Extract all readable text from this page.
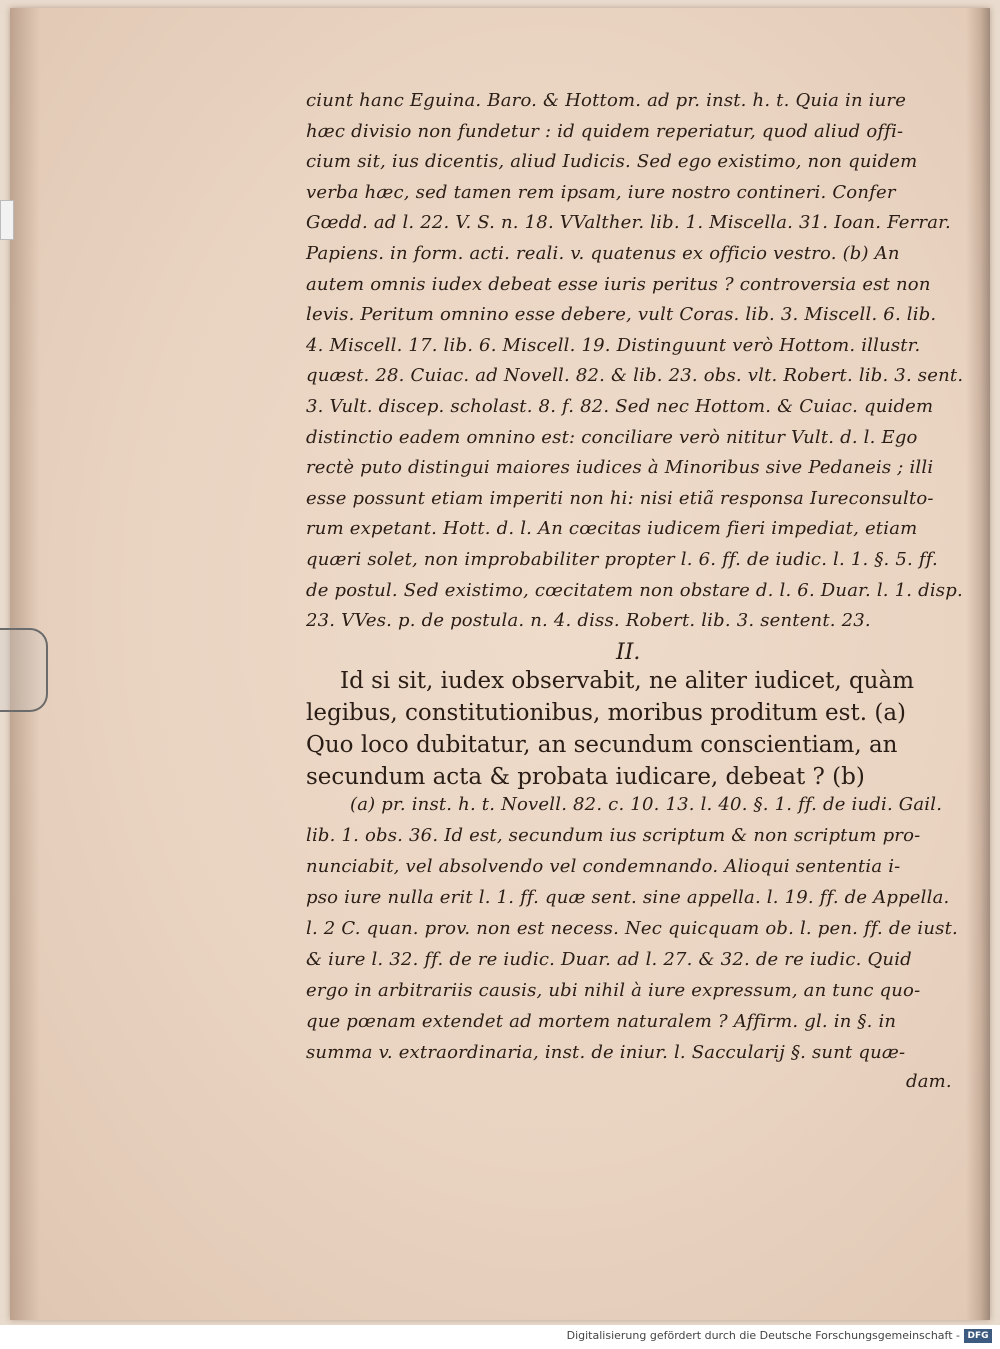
ciunt hanc Eguina. Baro. & Hottom. ad pr. inst. h. t. Quia in iure
hæc divisio non fundetur : id quidem reperiatur, quod aliud offi-
cium sit, ius dicentis, aliud Iudicis. Sed ego existimo, non quidem
verba hæc, sed tamen rem ipsam, iure nostro contineri. Confer
Gœdd. ad l. 22. V. S. n. 18. VValther. lib. 1. Miscella. 31. Ioan. Ferrar.
Papiens. in form. acti. reali. v. quatenus ex officio vestro. (b) An
autem omnis iudex debeat esse iuris peritus ? controversia est non
levis. Peritum omnino esse debere, vult Coras. lib. 3. Miscell. 6. lib.
4. Miscell. 17. lib. 6. Miscell. 19. Distinguunt verò Hottom. illustr.
quæst. 28. Cuiac. ad Novell. 82. & lib. 23. obs. vlt. Robert. lib. 3. sent.
3. Vult. discep. scholast. 8. f. 82. Sed nec Hottom. & Cuiac. quidem
distinctio eadem omnino est: conciliare verò nititur Vult. d. l. Ego
rectè puto distingui maiores iudices à Minoribus sive Pedaneis ; illi
esse possunt etiam imperiti non hi: nisi etiã responsa Iureconsulto-
rum expetant. Hott. d. l. An cœcitas iudicem fieri impediat, etiam
quæri solet, non improbabiliter propter l. 6. ff. de iudic. l. 1. §. 5. ff.
de postul. Sed existimo, cœcitatem non obstare d. l. 6. Duar. l. 1. disp.
23. VVes. p. de postula. n. 4. diss. Robert. lib. 3. sentent. 23.
II.
Id si sit, iudex observabit, ne aliter iudicet, quàm
legibus, constitutionibus, moribus proditum est. (a)
Quo loco dubitatur, an secundum conscientiam, an
secundum acta & probata iudicare, debeat ? (b)
(a) pr. inst. h. t. Novell. 82. c. 10. 13. l. 40. §. 1. ff. de iudi. Gail.
lib. 1. obs. 36. Id est, secundum ius scriptum & non scriptum pro-
nunciabit, vel absolvendo vel condemnando. Alioqui sententia i-
pso iure nulla erit l. 1. ff. quæ sent. sine appella. l. 19. ff. de Appella.
l. 2 C. quan. prov. non est necess. Nec quicquam ob. l. pen. ff. de iust.
& iure l. 32. ff. de re iudic. Duar. ad l. 27. & 32. de re iudic. Quid
ergo in arbitrariis causis, ubi nihil à iure expressum, an tunc quo-
que pœnam extendet ad mortem naturalem ? Affirm. gl. in §. in
summa v. extraordinaria, inst. de iniur. l. Saccularij §. sunt quæ-
dam.
Digitalisierung gefördert durch die Deutsche Forschungsgemeinschaft - DFG
